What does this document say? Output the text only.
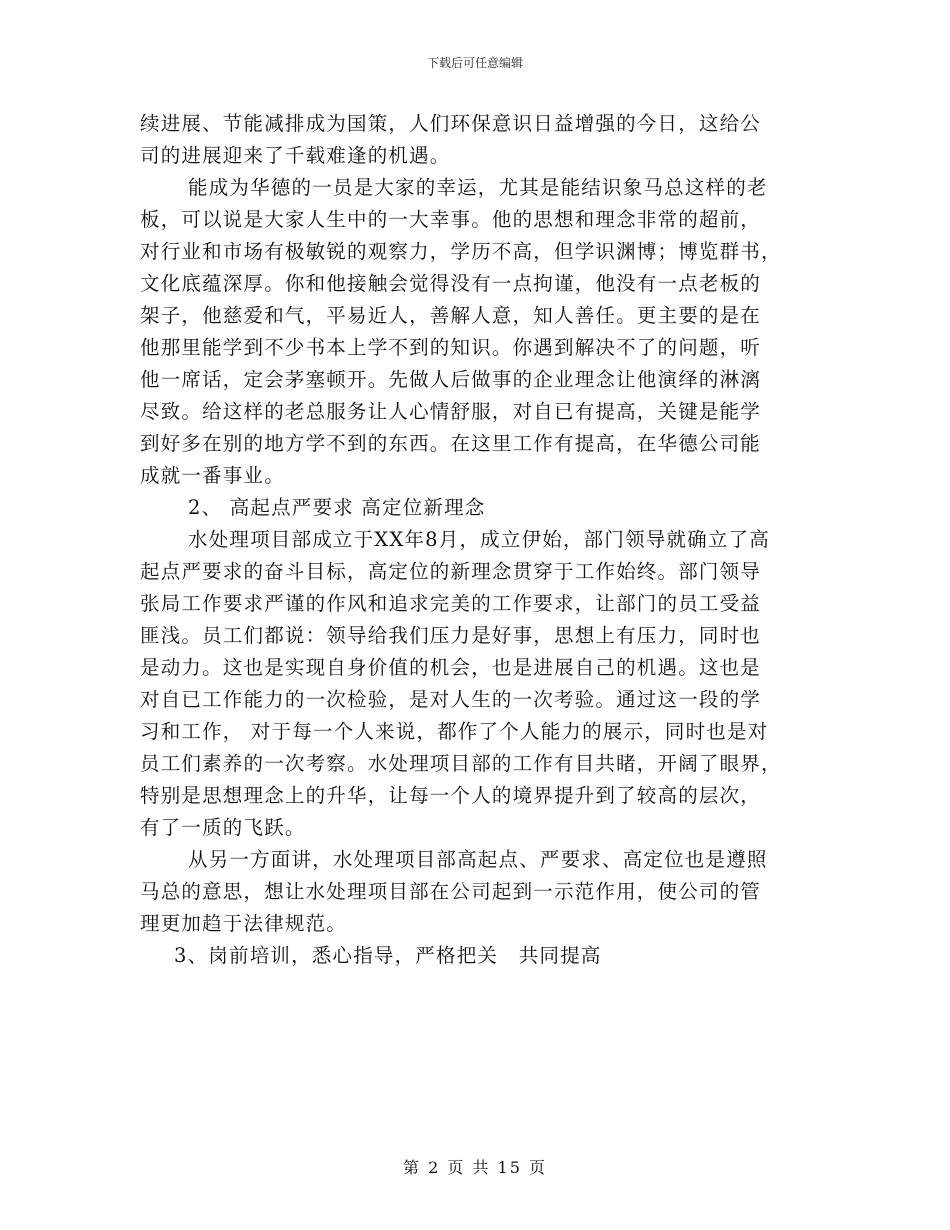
下载后可任意编辑
续进展、节能减排成为国策，人们环保意识日益增强的今日，这给公
司的进展迎来了千载难逢的机遇。
能成为华德的一员是大家的幸运，尤其是能结识象马总这样的老
板，可以说是大家人生中的一大幸事。他的思想和理念非常的超前，
对行业和市场有极敏锐的观察力，学历不高，但学识渊博；博览群书，
文化底蕴深厚。你和他接触会觉得没有一点拘谨，他没有一点老板的
架子，他慈爱和气，平易近人，善解人意，知人善任。更主要的是在
他那里能学到不少书本上学不到的知识。你遇到解决不了的问题，听
他一席话，定会茅塞顿开。先做人后做事的企业理念让他演绎的淋漓
尽致。给这样的老总服务让人心情舒服，对自已有提高，关键是能学
到好多在别的地方学不到的东西。在这里工作有提高，在华德公司能
成就一番事业。
2、 高起点严要求 高定位新理念
水处理项目部成立于XX年8月，成立伊始，部门领导就确立了高
起点严要求的奋斗目标，高定位的新理念贯穿于工作始终。部门领导
张局工作要求严谨的作风和追求完美的工作要求，让部门的员工受益
匪浅。员工们都说：领导给我们压力是好事，思想上有压力，同时也
是动力。这也是实现自身价值的机会，也是进展自己的机遇。这也是
对自已工作能力的一次检验，是对人生的一次考验。通过这一段的学
习和工作， 对于每一个人来说，都作了个人能力的展示，同时也是对
员工们素养的一次考察。水处理项目部的工作有目共睹，开阔了眼界，
特别是思想理念上的升华，让每一个人的境界提升到了较高的层次，
有了一质的飞跃。
从另一方面讲，水处理项目部高起点、严要求、高定位也是遵照
马总的意思，想让水处理项目部在公司起到一示范作用，使公司的管
理更加趋于法律规范。
3、岗前培训，悉心指导，严格把关　共同提高
第 2 页 共 15 页
